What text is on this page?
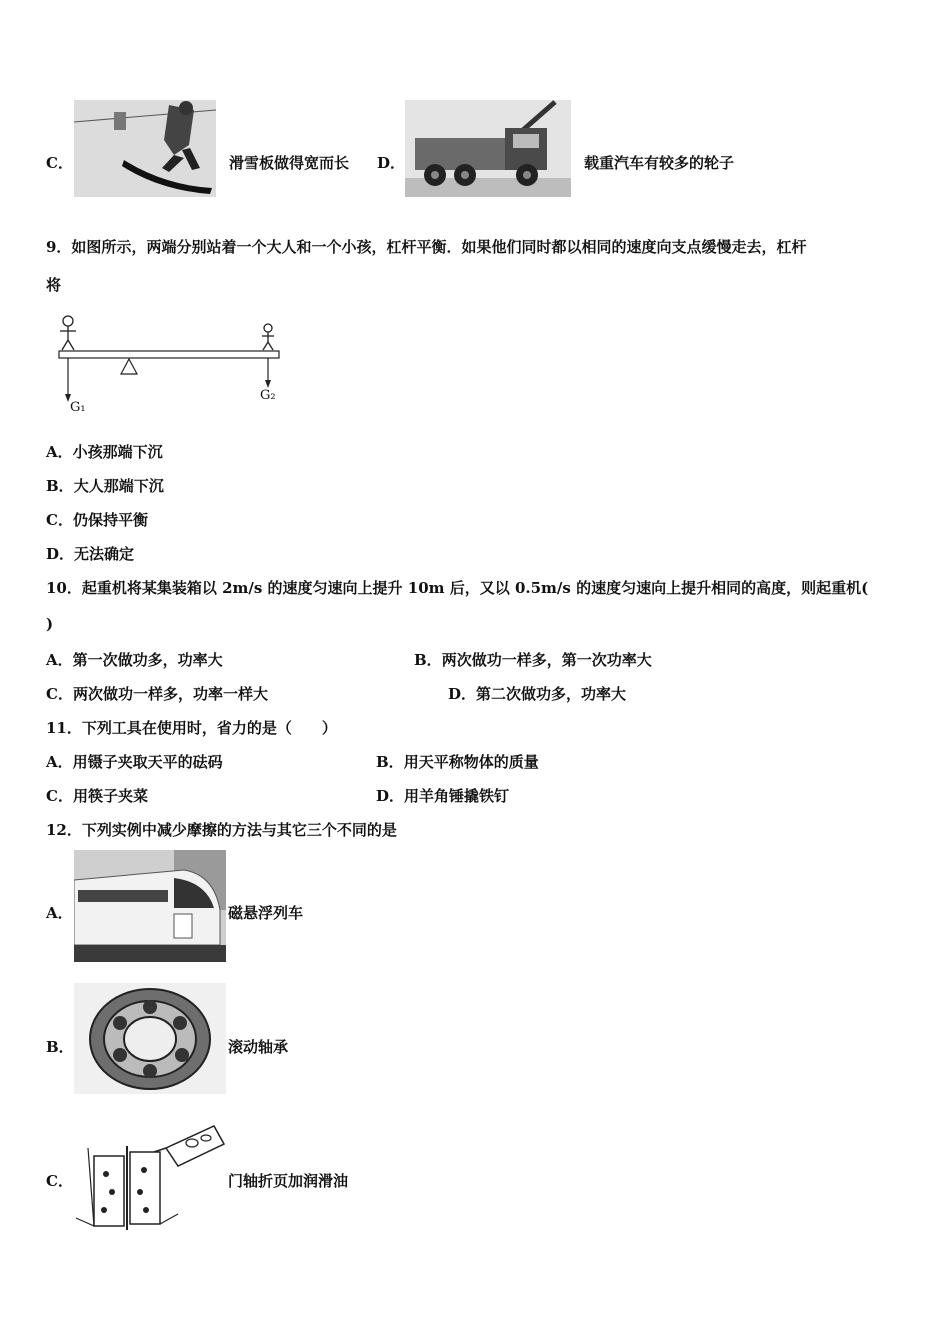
C．	滑雪板做得宽而长 D．	载重汽车有较多的轮子
9．如图所示，两端分别站着一个大人和一个小孩，杠杆平衡．如果他们同时都以相同的速度向支点缓慢走去，杠杆
将
G₁
G₂
A．小孩那端下沉
B．大人那端下沉
C．仍保持平衡
D．无法确定
10．起重机将某集装箱以 2m/s 的速度匀速向上提升 10m 后，又以 0.5m/s 的速度匀速向上提升相同的高度，则起重机(
)
A．第一次做功多，功率大	B．两次做功一样多，第一次功率大
C．两次做功一样多，功率一样大	D．第二次做功多，功率大
11．下列工具在使用时，省力的是（　　）
A．用镊子夹取天平的砝码	B．用天平称物体的质量
C．用筷子夹菜	D．用羊角锤撬铁钉
12．下列实例中减少摩擦的方法与其它三个不同的是
A．	磁悬浮列车
B．	滚动轴承
C．	门轴折页加润滑油
